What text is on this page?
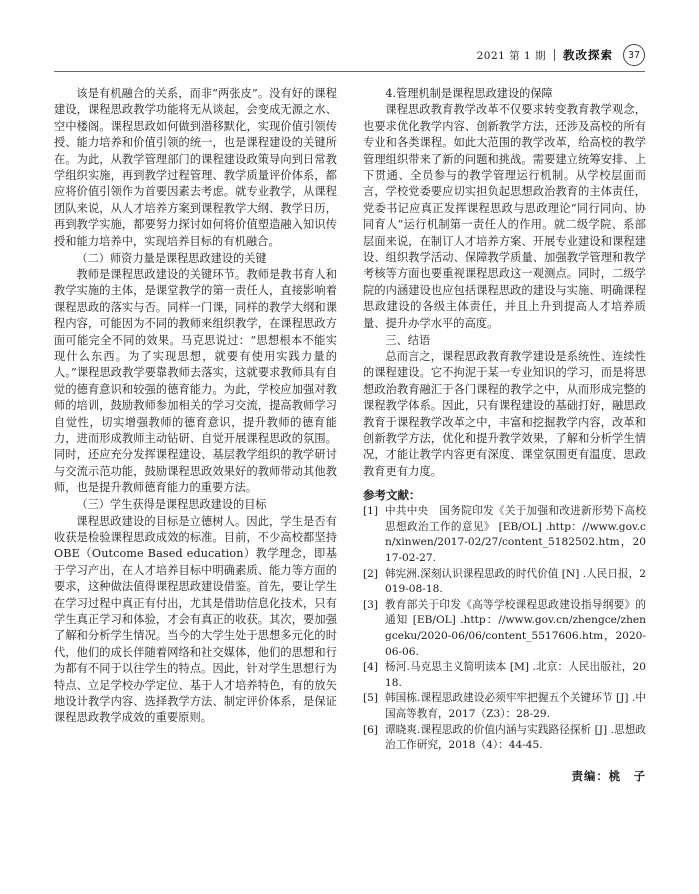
2021 第 1 期 教改探索	37

该是有机融合的关系，而非“两张皮”。没有好的课程建设，课程思政教学功能将无从谈起，会变成无源之水、空中楼阁。课程思政如何做到潜移默化，实现价值引领传授、能力培养和价值引领的统一，也是课程建设的关键所在。为此，从教学管理部门的课程建设政策导向到日常教学组织实施，再到教学过程管理、教学质量评价体系，都应将价值引领作为首要因素去考虑。就专业教学，从课程团队来说，从人才培养方案到课程教学大纲、教学日历，再到教学实施，都要努力探讨如何将价值塑造融入知识传授和能力培养中，实现培养目标的有机融合。

（二）师资力量是课程思政建设的关键

教师是课程思政建设的关键环节。教师是教书育人和教学实施的主体，是课堂教学的第一责任人，直接影响着课程思政的落实与否。同样一门课，同样的教学大纲和课程内容，可能因为不同的教师来组织教学，在课程思政方面可能完全不同的效果。马克思说过：“思想根本不能实现什么东西。为了实现思想，就要有使用实践力量的人。”课程思政教学要靠教师去落实，这就要求教师具有自觉的德育意识和较强的德育能力。为此，学校应加强对教师的培训，鼓励教师参加相关的学习交流，提高教师学习自觉性，切实增强教师的德育意识，提升教师的德育能力，进而形成教师主动钻研、自觉开展课程思政的氛围。同时，还应充分发挥课程建设、基层教学组织的教学研讨与交流示范功能，鼓励课程思政效果好的教师带动其他教师，也是提升教师德育能力的重要方法。

（三）学生获得是课程思政建设的目标

课程思政建设的目标是立德树人。因此，学生是否有收获是检验课程思政成效的标准。目前，不少高校都坚持 OBE（Outcome Based education）教学理念，即基于学习产出，在人才培养目标中明确素质、能力等方面的要求，这种做法值得课程思政建设借鉴。首先，要让学生在学习过程中真正有付出，尤其是借助信息化技术，只有学生真正学习和体验，才会有真正的收获。其次，要加强了解和分析学生情况。当今的大学生处于思想多元化的时代，他们的成长伴随着网络和社交媒体，他们的思想和行为都有不同于以往学生的特点。因此，针对学生思想行为特点、立足学校办学定位、基于人才培养特色，有的放矢地设计教学内容、选择教学方法、制定评价体系，是保证课程思政教学成效的重要原则。

4.管理机制是课程思政建设的保障

课程思政教育教学改革不仅要求转变教育教学观念，也要求优化教学内容、创新教学方法，还涉及高校的所有专业和各类课程。如此大范围的教学改革，给高校的教学管理组织带来了新的问题和挑战。需要建立统筹安排、上下贯通、全员参与的教学管理运行机制。从学校层面而言，学校党委要应切实担负起思想政治教育的主体责任，党委书记应真正发挥课程思政与思政理论“同行同向、协同育人”运行机制第一责任人的作用。就二级学院、系部层面来说，在制订人才培养方案、开展专业建设和课程建设、组织教学活动、保障教学质量、加强教学管理和教学考核等方面也要重视课程思政这一观测点。同时，二级学院的内涵建设也应包括课程思政的建设与实施、明确课程思政建设的各级主体责任，并且上升到提高人才培养质量、提升办学水平的高度。

三、结语

总而言之，课程思政教育教学建设是系统性、连续性的课程建设。它不拘泥于某一专业知识的学习，而是将思想政治教育融汇于各门课程的教学之中，从而形成完整的课程教学体系。因此，只有课程建设的基础打好，融思政教育于课程教学改革之中，丰富和挖掘教学内容，改革和创新教学方法，优化和提升教学效果，了解和分析学生情况，才能让教学内容更有深度、课堂氛围更有温度、思政教育更有力度。

参考文献：
[1] 中共中央　国务院印发《关于加强和改进新形势下高校思想政治工作的意见》 [EB/OL] .http：//www.gov.cn/xinwen/2017-02/27/content_5182502.htm，2017-02-27.
[2] 韩宪洲.深刻认识课程思政的时代价值 [N] .人民日报，2019-08-18.
[3] 教育部关于印发《高等学校课程思政建设指导纲要》的通知 [EB/OL] .http：//www.gov.cn/zhengce/zhengceku/2020-06/06/content_5517606.htm，2020-06-06.
[4] 杨河.马克思主义简明读本 [M] .北京：人民出版社，2018.
[5] 韩国栋.课程思政建设必须牢牢把握五个关键环节 [J] .中国高等教育，2017（Z3）：28-29.
[6] 谭晓爽.课程思政的价值内涵与实践路径探析 [J] .思想政治工作研究，2018（4）：44-45.
责编：桃　子
